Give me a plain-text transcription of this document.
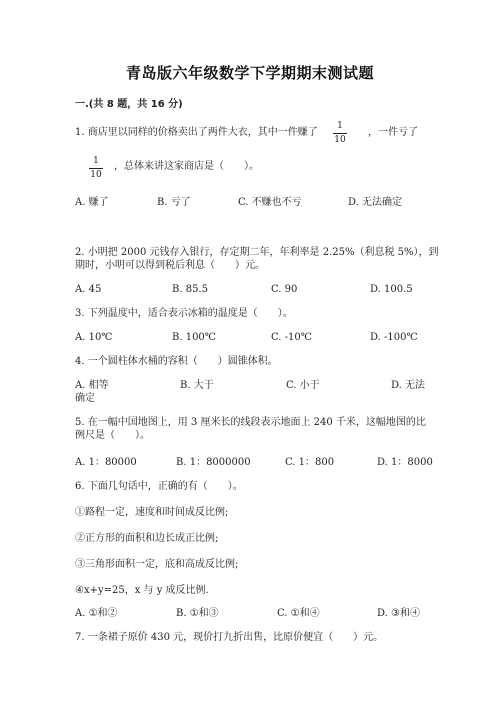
青岛版六年级数学下学期期末测试题
一.(共 8 题，共 16 分)
1. 商店里以同样的价格卖出了两件大衣，其中一件赚了
1
10
，一件亏了
1
10
，总体来讲这家商店是（　　）。
A. 赚了	B. 亏了	C. 不赚也不亏	D. 无法确定
2. 小明把 2000 元钱存入银行，存定期二年，年利率是 2.25%（利息税 5%），到
期时，小明可以得到税后利息（　　）元。
A. 45	B. 85.5	C. 90	D. 100.5
3. 下列温度中，适合表示冰箱的温度是（　　）。
A. 10℃	B. 100℃	C. -10℃	D. -100℃
4. 一个圆柱体水桶的容积（　　）圆锥体积。
A. 相等	B. 大于	C. 小于	D. 无法
确定
5. 在一幅中国地图上，用 3 厘米长的线段表示地面上 240 千米，这幅地图的比
例尺是（　　）。
A. 1：80000	B. 1：8000000	C. 1：800	D. 1：8000
6. 下面几句话中，正确的有（　　）。
①路程一定，速度和时间成反比例;
②正方形的面积和边长成正比例;
③三角形面积一定，底和高成反比例;
④x+y=25，x 与 y 成反比例.
A. ①和②	B. ①和③	C. ①和④	D. ③和④
7. 一条裙子原价 430 元，现价打九折出售，比原价便宜（　　）元。
